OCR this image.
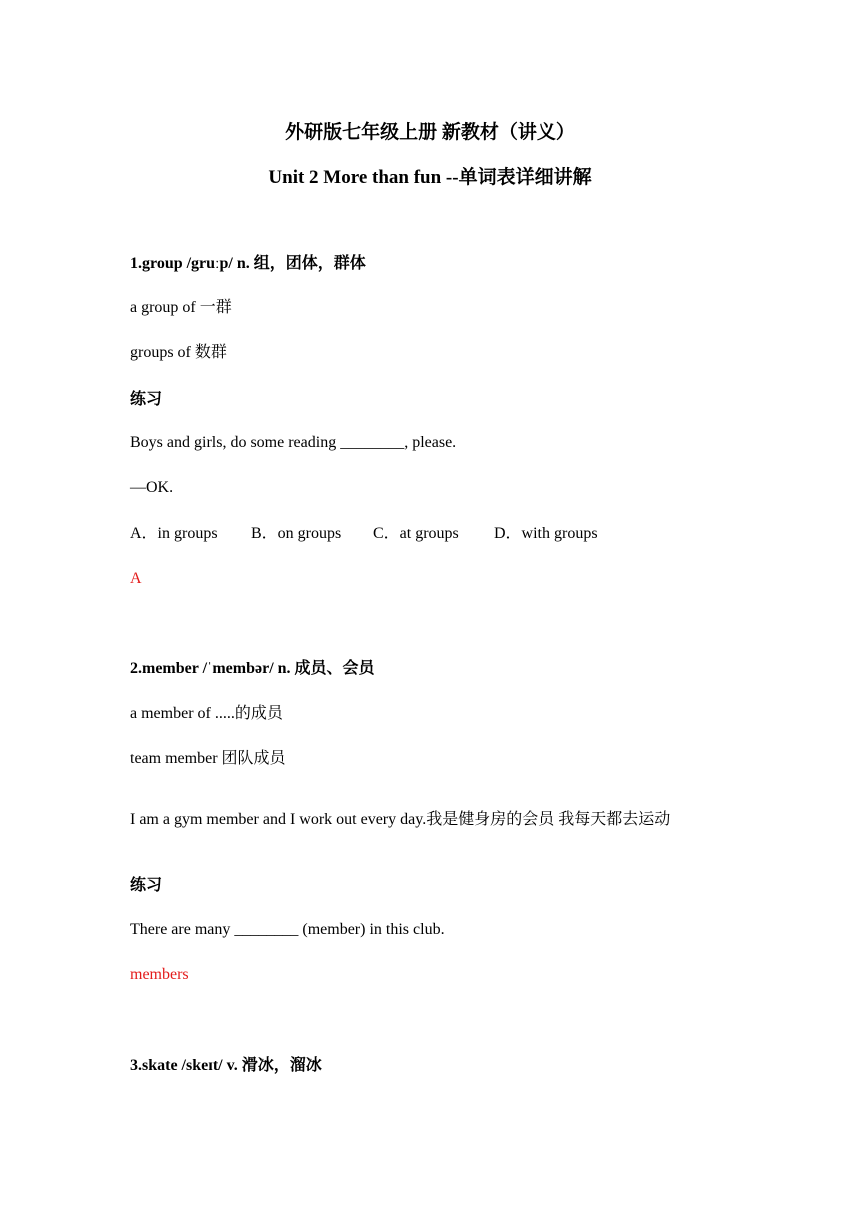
外研版七年级上册 新教材（讲义）
Unit 2 More than fun --单词表详细讲解
1.group /gruːp/ n. 组，团体，群体
a group of 一群
groups of 数群
练习
Boys and girls, do some reading ________, please.
—OK.
A．in groups B．on groups C．at groups D．with groups
A
2.member /ˈmembər/ n. 成员、会员
a member of .....的成员
team member 团队成员
I am a gym member and I work out every day.我是健身房的会员 我每天都去运动
练习
There are many ________ (member) in this club.
members
3.skate /skeɪt/ v. 滑冰，溜冰
